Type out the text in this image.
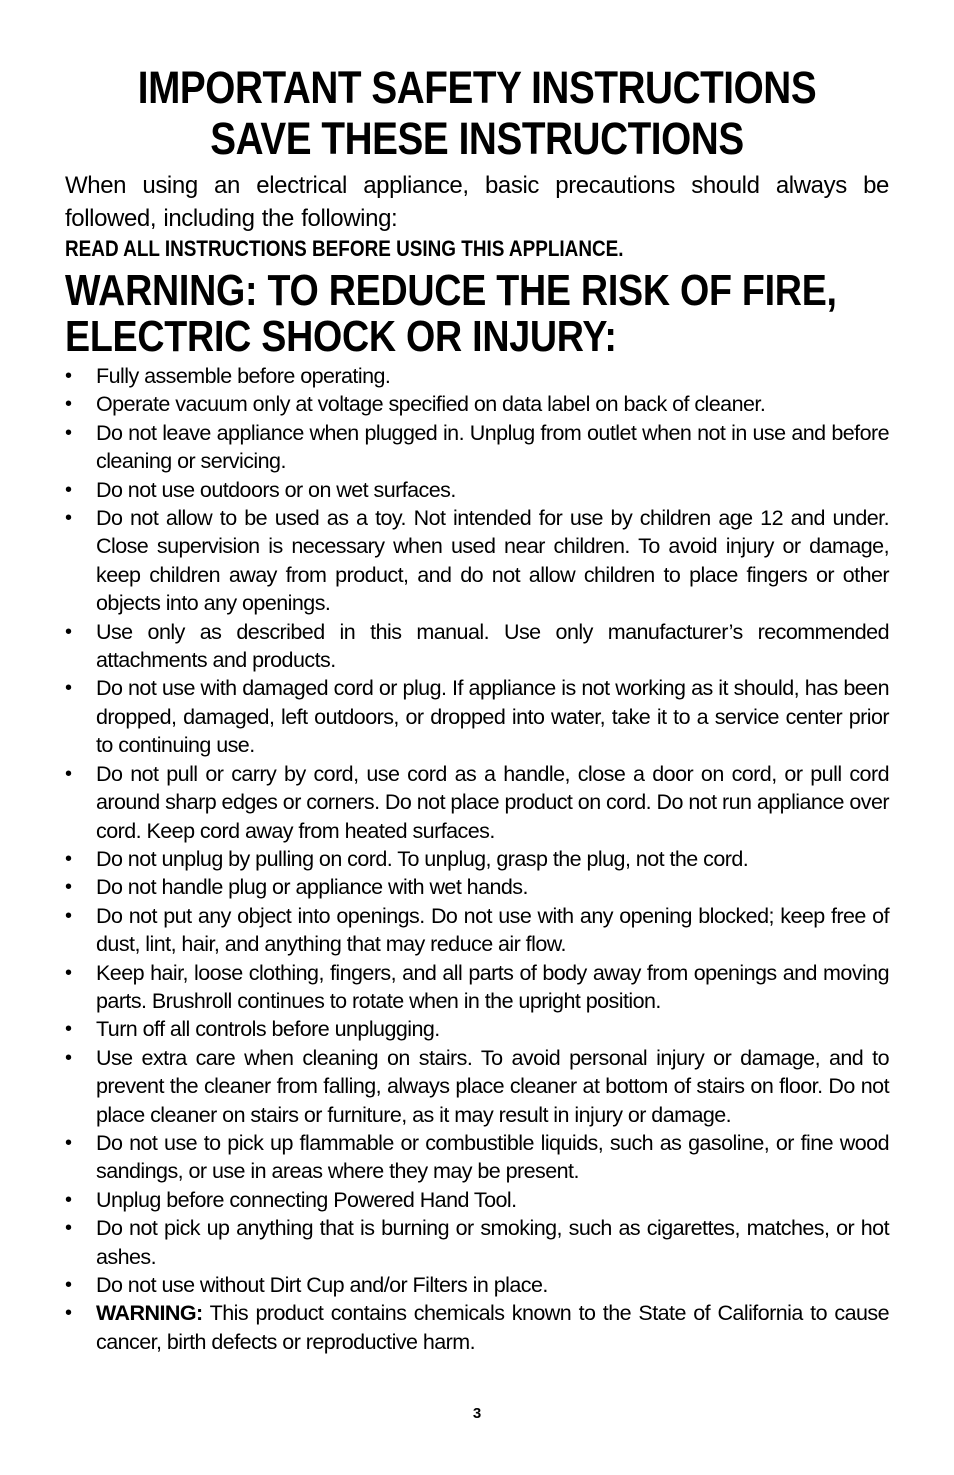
IMPORTANT SAFETY INSTRUCTIONS
SAVE THESE INSTRUCTIONS

When using an electrical appliance, basic precautions should always be followed, including the following:

READ ALL INSTRUCTIONS BEFORE USING THIS APPLIANCE.

WARNING: TO REDUCE THE RISK OF FIRE,
ELECTRIC SHOCK OR INJURY:
• Fully assemble before operating.
• Operate vacuum only at voltage specified on data label on back of cleaner.
• Do not leave appliance when plugged in. Unplug from outlet when not in use and before cleaning or servicing.
• Do not use outdoors or on wet surfaces.
• Do not allow to be used as a toy. Not intended for use by children age 12 and under. Close supervision is necessary when used near children. To avoid injury or damage, keep children away from product, and do not allow children to place fingers or other objects into any openings.
• Use only as described in this manual. Use only manufacturer’s recommended attachments and products.
• Do not use with damaged cord or plug. If appliance is not working as it should, has been dropped, damaged, left outdoors, or dropped into water, take it to a service center prior to continuing use.
• Do not pull or carry by cord, use cord as a handle, close a door on cord, or pull cord around sharp edges or corners. Do not place product on cord. Do not run appliance over cord. Keep cord away from heated surfaces.
• Do not unplug by pulling on cord. To unplug, grasp the plug, not the cord.
• Do not handle plug or appliance with wet hands.
• Do not put any object into openings. Do not use with any opening blocked; keep free of dust, lint, hair, and anything that may reduce air flow.
• Keep hair, loose clothing, fingers, and all parts of body away from openings and moving parts. Brushroll continues to rotate when in the upright position.
• Turn off all controls before unplugging.
• Use extra care when cleaning on stairs. To avoid personal injury or damage, and to prevent the cleaner from falling, always place cleaner at bottom of stairs on floor. Do not place cleaner on stairs or furniture, as it may result in injury or damage.
• Do not use to pick up flammable or combustible liquids, such as gasoline, or fine wood sandings, or use in areas where they may be present.
• Unplug before connecting Powered Hand Tool.
• Do not pick up anything that is burning or smoking, such as cigarettes, matches, or hot ashes.
• Do not use without Dirt Cup and/or Filters in place.
• WARNING: This product contains chemicals known to the State of California to cause cancer, birth defects or reproductive harm.
3
